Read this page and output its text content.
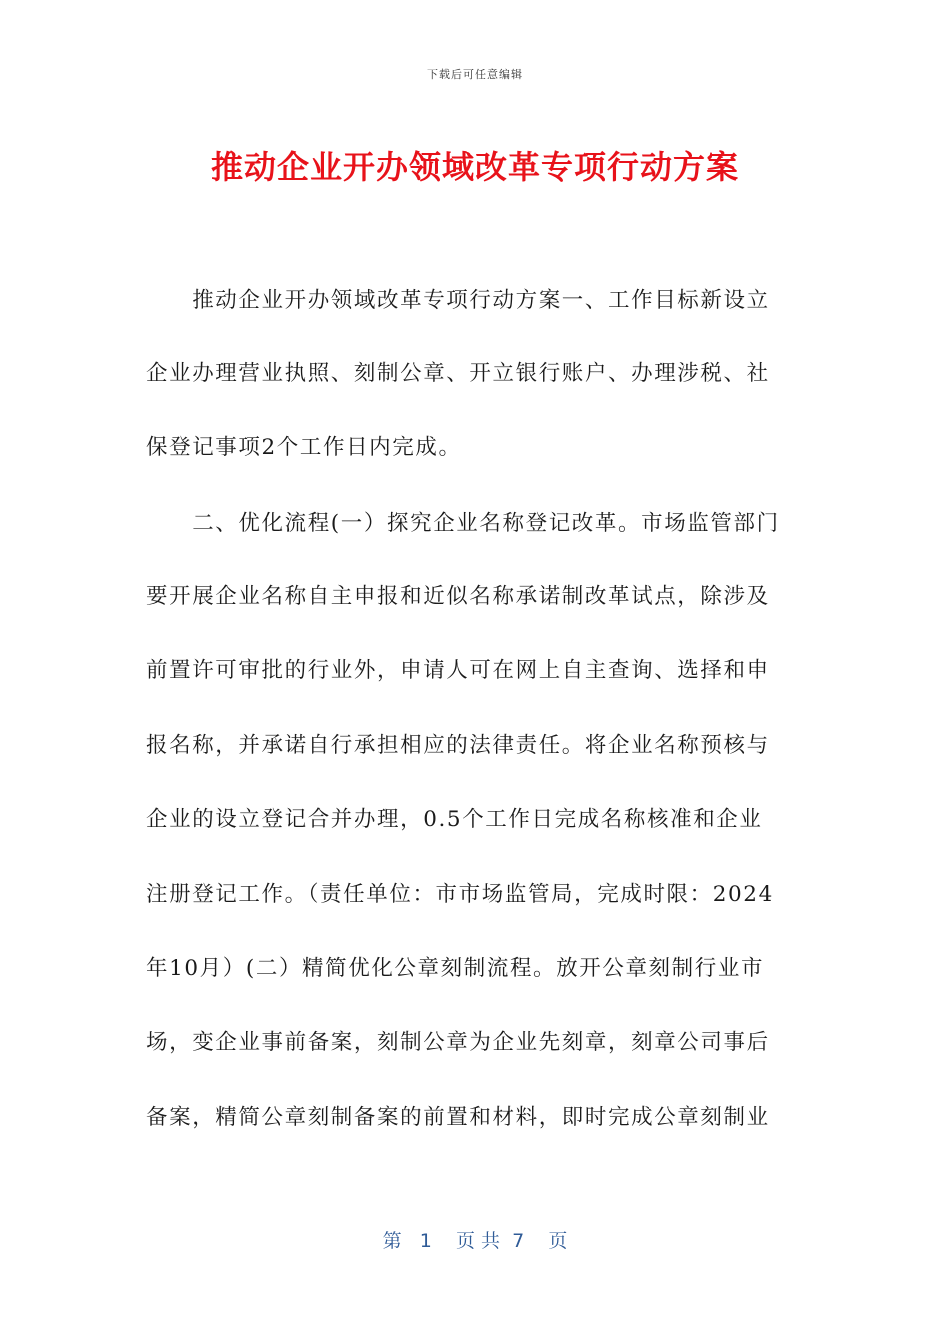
下载后可任意编辑
推动企业开办领域改革专项行动方案
　　推动企业开办领域改革专项行动方案一、工作目标新设立
企业办理营业执照、刻制公章、开立银行账户、办理涉税、社
保登记事项2个工作日内完成。
　　二、优化流程(一）探究企业名称登记改革。市场监管部门
要开展企业名称自主申报和近似名称承诺制改革试点，除涉及
前置许可审批的行业外，申请人可在网上自主查询、选择和申
报名称，并承诺自行承担相应的法律责任。将企业名称预核与
企业的设立登记合并办理，0.5个工作日完成名称核准和企业
注册登记工作。（责任单位：市市场监管局，完成时限：2024
年10月）(二）精简优化公章刻制流程。放开公章刻制行业市
场，变企业事前备案，刻制公章为企业先刻章，刻章公司事后
备案，精简公章刻制备案的前置和材料，即时完成公章刻制业
第   1    页 共  7    页
